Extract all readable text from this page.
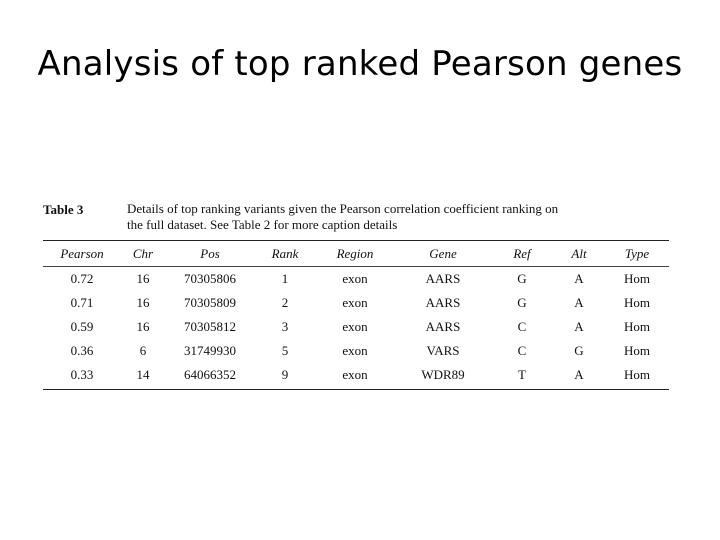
Analysis of top ranked Pearson genes
Table 3	Details of top ranking variants given the Pearson correlation coefficient ranking on
the full dataset. See Table 2 for more caption details
Pearson	Chr	Pos	Rank	Region	Gene	Ref	Alt	Type
0.72	16	70305806	1	exon	AARS	G	A	Hom
0.71	16	70305809	2	exon	AARS	G	A	Hom
0.59	16	70305812	3	exon	AARS	C	A	Hom
0.36	6	31749930	5	exon	VARS	C	G	Hom
0.33	14	64066352	9	exon	WDR89	T	A	Hom
